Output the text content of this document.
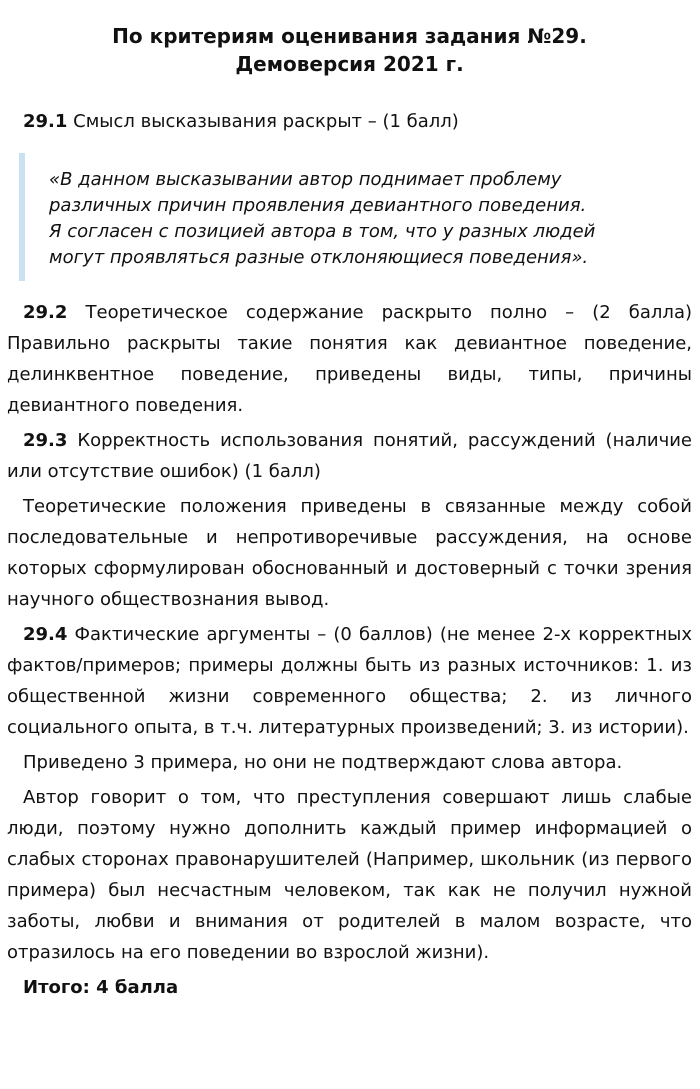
По критериям оценивания задания №29.
Демоверсия 2021 г.

29.1 Смысл высказывания раскрыт – (1 балл)

«В данном высказывании автор поднимает проблему
различных причин проявления девиантного поведения.
Я согласен с позицией автора в том, что у разных людей
могут проявляться разные отклоняющиеся поведения».

29.2 Теоретическое содержание раскрыто полно – (2 балла) Правильно раскрыты такие понятия как девиантное поведение, делинквентное поведение, приведены виды, типы, причины девиантного поведения.

29.3 Корректность использования понятий, рассуждений (наличие или отсутствие ошибок) (1 балл)

Теоретические положения приведены в связанные между собой последовательные и непротиворечивые рассуждения, на основе которых сформулирован обоснованный и достоверный с точки зрения научного обществознания вывод.

29.4 Фактические аргументы – (0 баллов) (не менее 2-х корректных фактов/примеров; примеры должны быть из разных источников: 1. из общественной жизни современного общества; 2. из личного социального опыта, в т.ч. литературных произведений; 3. из истории).

Приведено 3 примера, но они не подтверждают слова автора.

Автор говорит о том, что преступления совершают лишь слабые люди, поэтому нужно дополнить каждый пример информацией о слабых сторонах правонарушителей (Например, школьник (из первого примера) был несчастным человеком, так как не получил нужной заботы, любви и внимания от родителей в малом возрасте, что отразилось на его поведении во взрослой жизни).

Итого: 4 балла
